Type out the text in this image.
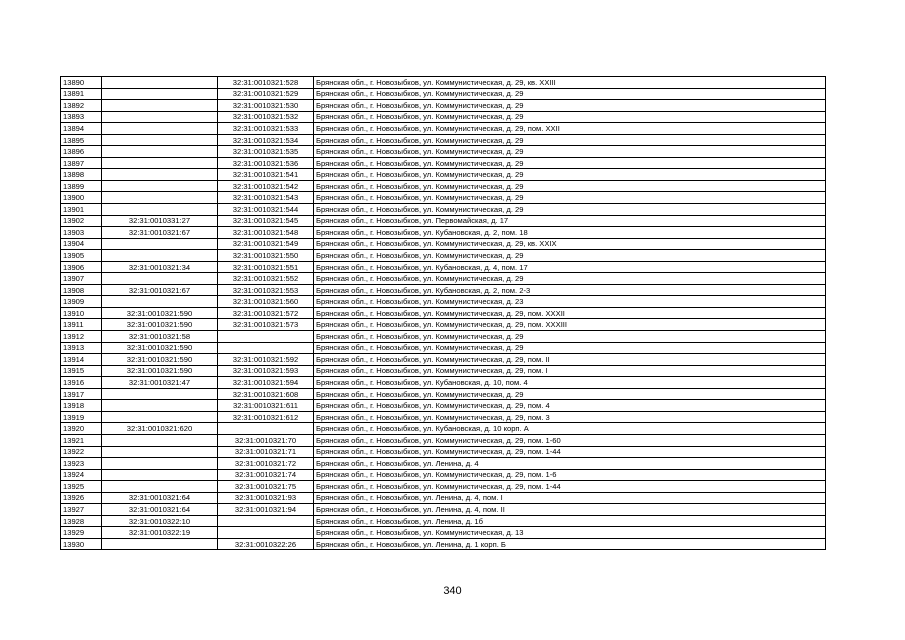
13890		32:31:0010321:528	Брянская обл., г. Новозыбков, ул. Коммунистическая, д. 29, кв. XXIII
13891		32:31:0010321:529	Брянская обл., г. Новозыбков, ул. Коммунистическая, д. 29
13892		32:31:0010321:530	Брянская обл., г. Новозыбков, ул. Коммунистическая, д. 29
13893		32:31:0010321:532	Брянская обл., г. Новозыбков, ул. Коммунистическая, д. 29
13894		32:31:0010321:533	Брянская обл., г. Новозыбков, ул. Коммунистическая, д. 29, пом. XXII
13895		32:31:0010321:534	Брянская обл., г. Новозыбков, ул. Коммунистическая, д. 29
13896		32:31:0010321:535	Брянская обл., г. Новозыбков, ул. Коммунистическая, д. 29
13897		32:31:0010321:536	Брянская обл., г. Новозыбков, ул. Коммунистическая, д. 29
13898		32:31:0010321:541	Брянская обл., г. Новозыбков, ул. Коммунистическая, д. 29
13899		32:31:0010321:542	Брянская обл., г. Новозыбков, ул. Коммунистическая, д. 29
13900		32:31:0010321:543	Брянская обл., г. Новозыбков, ул. Коммунистическая, д. 29
13901		32:31:0010321:544	Брянская обл., г. Новозыбков, ул. Коммунистическая, д. 29
13902	32:31:0010331:27	32:31:0010321:545	Брянская обл., г. Новозыбков, ул. Первомайская, д. 17
13903	32:31:0010321:67	32:31:0010321:548	Брянская обл., г. Новозыбков, ул. Кубановская, д. 2, пом. 18
13904		32:31:0010321:549	Брянская обл., г. Новозыбков, ул. Коммунистическая, д. 29, кв. XXIX
13905		32:31:0010321:550	Брянская обл., г. Новозыбков, ул. Коммунистическая, д. 29
13906	32:31:0010321:34	32:31:0010321:551	Брянская обл., г. Новозыбков, ул. Кубановская, д. 4, пом. 17
13907		32:31:0010321:552	Брянская обл., г. Новозыбков, ул. Коммунистическая, д. 29
13908	32:31:0010321:67	32:31:0010321:553	Брянская обл., г. Новозыбков, ул. Кубановская, д. 2, пом. 2-3
13909		32:31:0010321:560	Брянская обл., г. Новозыбков, ул. Коммунистическая, д. 23
13910	32:31:0010321:590	32:31:0010321:572	Брянская обл., г. Новозыбков, ул. Коммунистическая, д. 29, пом. XXXII
13911	32:31:0010321:590	32:31:0010321:573	Брянская обл., г. Новозыбков, ул. Коммунистическая, д. 29, пом. XXXIII
13912	32:31:0010321:58		Брянская обл., г. Новозыбков, ул. Коммунистическая, д. 29
13913	32:31:0010321:590		Брянская обл., г. Новозыбков, ул. Коммунистическая, д. 29
13914	32:31:0010321:590	32:31:0010321:592	Брянская обл., г. Новозыбков, ул. Коммунистическая, д. 29, пом. II
13915	32:31:0010321:590	32:31:0010321:593	Брянская обл., г. Новозыбков, ул. Коммунистическая, д. 29, пом. I
13916	32:31:0010321:47	32:31:0010321:594	Брянская обл., г. Новозыбков, ул. Кубановская, д. 10, пом. 4
13917		32:31:0010321:608	Брянская обл., г. Новозыбков, ул. Коммунистическая, д. 29
13918		32:31:0010321:611	Брянская обл., г. Новозыбков, ул. Коммунистическая, д. 29, пом. 4
13919		32:31:0010321:612	Брянская обл., г. Новозыбков, ул. Коммунистическая, д. 29, пом. 3
13920	32:31:0010321:620		Брянская обл., г. Новозыбков, ул. Кубановская, д. 10 корп. А
13921		32:31:0010321:70	Брянская обл., г. Новозыбков, ул. Коммунистическая, д. 29, пом. 1-60
13922		32:31:0010321:71	Брянская обл., г. Новозыбков, ул. Коммунистическая, д. 29, пом. 1-44
13923		32:31:0010321:72	Брянская обл., г. Новозыбков, ул. Ленина, д. 4
13924		32:31:0010321:74	Брянская обл., г. Новозыбков, ул. Коммунистическая, д. 29, пом. 1-6
13925		32:31:0010321:75	Брянская обл., г. Новозыбков, ул. Коммунистическая, д. 29, пом. 1-44
13926	32:31:0010321:64	32:31:0010321:93	Брянская обл., г. Новозыбков, ул. Ленина, д. 4, пом. I
13927	32:31:0010321:64	32:31:0010321:94	Брянская обл., г. Новозыбков, ул. Ленина, д. 4, пом. II
13928	32:31:0010322:10		Брянская обл., г. Новозыбков, ул. Ленина, д. 1б
13929	32:31:0010322:19		Брянская обл., г. Новозыбков, ул. Коммунистическая, д. 13
13930		32:31:0010322:26	Брянская обл., г. Новозыбков, ул. Ленина, д. 1 корп. Б
340
